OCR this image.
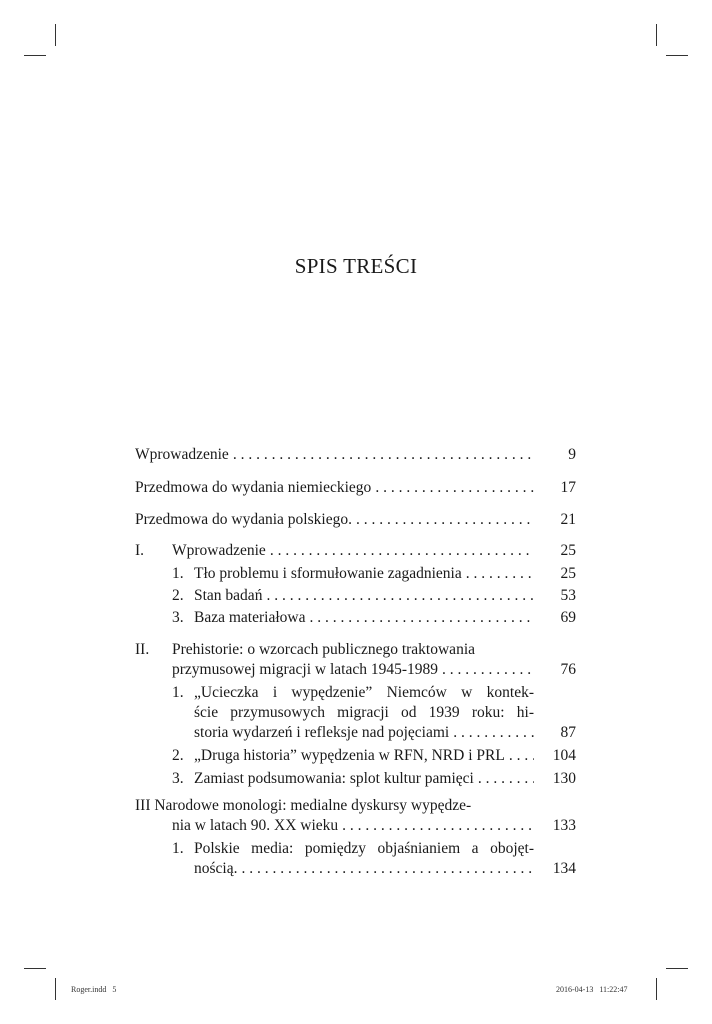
SPIS TREŚCI
Wprowadzenie . . .	9
Przedmowa do wydania niemieckiego . . .	17
Przedmowa do wydania polskiego. . . .	21
I.	Wprowadzenie . . .	25
1. Tło problemu i sformułowanie zagadnienia . . .	25
2. Stan badań . . .	53
3. Baza materiałowa . . .	69
II.	Prehistorie: o wzorcach publicznego traktowania
przymusowej migracji w latach 1945-1989 . . .	76
1. „Ucieczka i wypędzenie” Niemców w kontek-
ście przymusowych migracji od 1939 roku: hi-
storia wydarzeń i refleksje nad pojęciami . . .	87
2. „Druga historia” wypędzenia w RFN, NRD i PRL . . .	104
3. Zamiast podsumowania: splot kultur pamięci . . .	130
III Narodowe monologi: medialne dyskursy wypędze-
nia w latach 90. XX wieku . . .	133
1. Polskie media: pomiędzy objaśnianiem a obojęt-
nością. . . .	134
Roger.indd   5	2016-04-13   11:22:47
